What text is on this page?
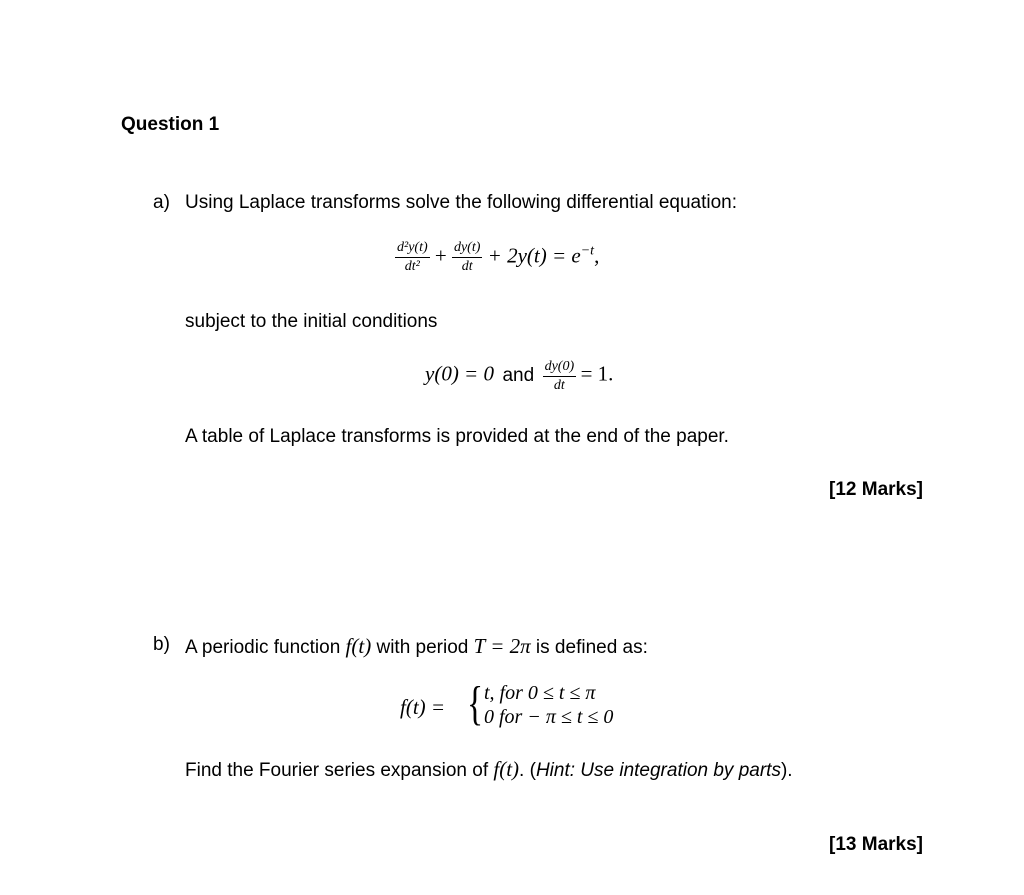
Question 1
a) Using Laplace transforms solve the following differential equation:
$\frac{\text{d²y(t)}}{\text{dt²}} + \frac{dy(t)}{dt} + 2y(t) = e^{-t}$,
subject to the initial conditions
y(0) = 0 and $\frac{dy(0)}{dt} = 1$.
A table of Laplace transforms is provided at the end of the paper.
[12 Marks]
b) A periodic function f(t) with period T = 2π is defined as:
f(t) = { t, for 0 ≤ t ≤ π
0 for − π ≤ t ≤ 0
Find the Fourier series expansion of f(t). (Hint: Use integration by parts).
[13 Marks]
